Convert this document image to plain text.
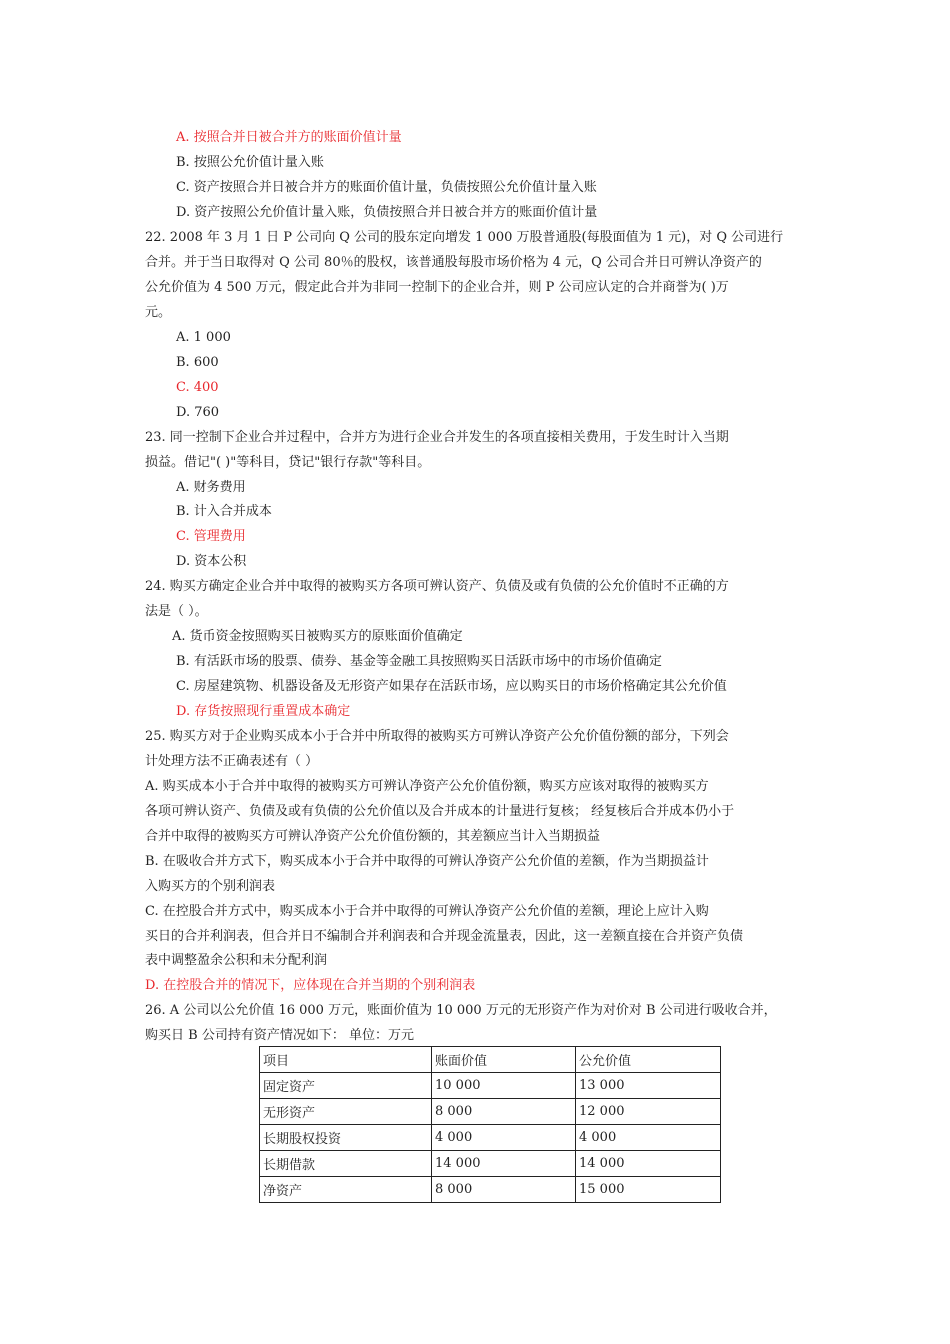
A. 按照合并日被合并方的账面价值计量
B. 按照公允价值计量入账
C. 资产按照合并日被合并方的账面价值计量，负债按照公允价值计量入账
D. 资产按照公允价值计量入账，负债按照合并日被合并方的账面价值计量
22. 2008 年 3 月 1 日 P 公司向 Q 公司的股东定向增发 1 000 万股普通股(每股面值为 1 元)，对 Q 公司进行
合并。并于当日取得对 Q 公司 80％的股权，该普通股每股市场价格为 4 元，Q 公司合并日可辨认净资产的
公允价值为 4 500 万元，假定此合并为非同一控制下的企业合并，则 P 公司应认定的合并商誉为( )万
元。
A. 1 000
B. 600
C. 400
D. 760
23. 同一控制下企业合并过程中，合并方为进行企业合并发生的各项直接相关费用，于发生时计入当期
损益。借记"( )"等科目，贷记"银行存款"等科目。
A. 财务费用
B. 计入合并成本
C. 管理费用
D. 资本公积
24. 购买方确定企业合并中取得的被购买方各项可辨认资产、负债及或有负债的公允价值时不正确的方
法是（ ）。
A. 货币资金按照购买日被购买方的原账面价值确定
B. 有活跃市场的股票、债券、基金等金融工具按照购买日活跃市场中的市场价值确定
C. 房屋建筑物、机器设备及无形资产如果存在活跃市场，应以购买日的市场价格确定其公允价值
D. 存货按照现行重置成本确定
25. 购买方对于企业购买成本小于合并中所取得的被购买方可辨认净资产公允价值份额的部分，下列会
计处理方法不正确表述有（ ）
A. 购买成本小于合并中取得的被购买方可辨认净资产公允价值份额，购买方应该对取得的被购买方
各项可辨认资产、负债及或有负债的公允价值以及合并成本的计量进行复核； 经复核后合并成本仍小于
合并中取得的被购买方可辨认净资产公允价值份额的，其差额应当计入当期损益
B. 在吸收合并方式下，购买成本小于合并中取得的可辨认净资产公允价值的差额，作为当期损益计
入购买方的个别利润表
C. 在控股合并方式中，购买成本小于合并中取得的可辨认净资产公允价值的差额，理论上应计入购
买日的合并利润表，但合并日不编制合并利润表和合并现金流量表，因此，这一差额直接在合并资产负债
表中调整盈余公积和未分配利润
D. 在控股合并的情况下，应体现在合并当期的个别利润表
26. A 公司以公允价值 16 000 万元，账面价值为 10 000 万元的无形资产作为对价对 B 公司进行吸收合并，
购买日 B 公司持有资产情况如下： 单位：万元
项目	账面价值	公允价值
固定资产	10 000	13 000
无形资产	8 000	12 000
长期股权投资	4 000	4 000
长期借款	14 000	14 000
净资产	8 000	15 000
